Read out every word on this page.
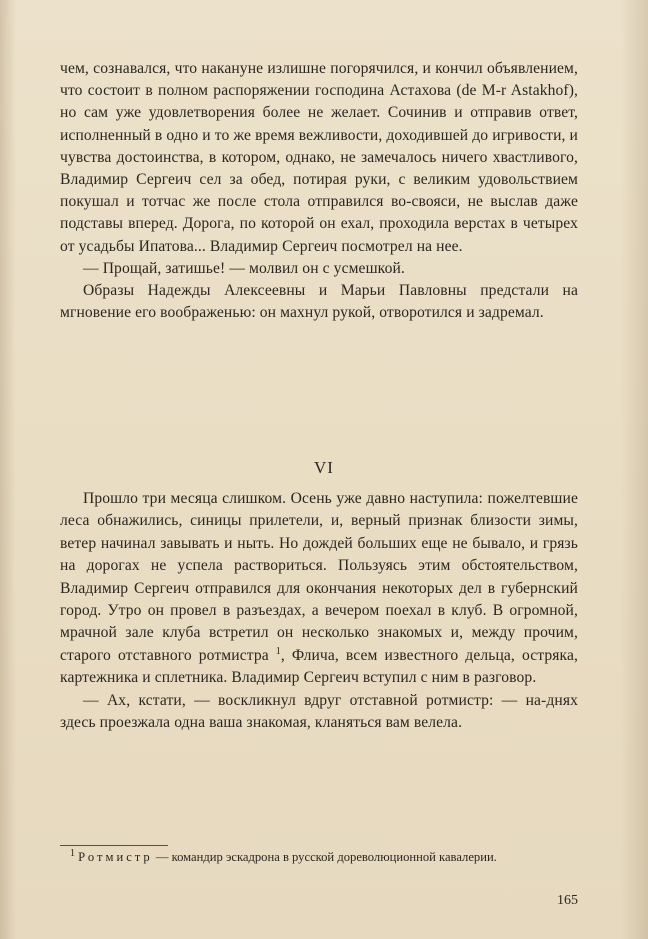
чем, сознавался, что накануне излишне погорячился, и кончил объявлением, что состоит в полном распоряжении господина Астахова (de M-r Astakhof), но сам уже удовлетворения более не желает. Сочинив и отправив ответ, исполненный в одно и то же время вежливости, доходившей до игривости, и чувства достоинства, в котором, однако, не замечалось ничего хвастливого, Владимир Сергеич сел за обед, потирая руки, с великим удовольствием покушал и тотчас же после стола отправился во-свояси, не выслав даже подставы вперед. Дорога, по которой он ехал, проходила верстах в четырех от усадьбы Ипатова... Владимир Сергеич посмотрел на нее.

— Прощай, затишье! — молвил он с усмешкой.

Образы Надежды Алексеевны и Марьи Павловны предстали на мгновение его воображенью: он махнул рукой, отворотился и задремал.

VI

Прошло три месяца слишком. Осень уже давно наступила: пожелтевшие леса обнажились, синицы прилетели, и, верный признак близости зимы, ветер начинал завывать и ныть. Но дождей больших еще не бывало, и грязь на дорогах не успела раствориться. Пользуясь этим обстоятельством, Владимир Сергеич отправился для окончания некоторых дел в губернский город. Утро он провел в разъездах, а вечером поехал в клуб. В огромной, мрачной зале клуба встретил он несколько знакомых и, между прочим, старого отставного ротмистра $^1$, Флича, всем известного дельца, остряка, картежника и сплетника. Владимир Сергеич вступил с ним в разговор.

— Ах, кстати, — воскликнул вдруг отставной ротмистр: — на-днях здесь проезжала одна ваша знакомая, кланяться вам велела.

$^1$ Ротмистр — командир эскадрона в русской дореволюционной кавалерии.
165
